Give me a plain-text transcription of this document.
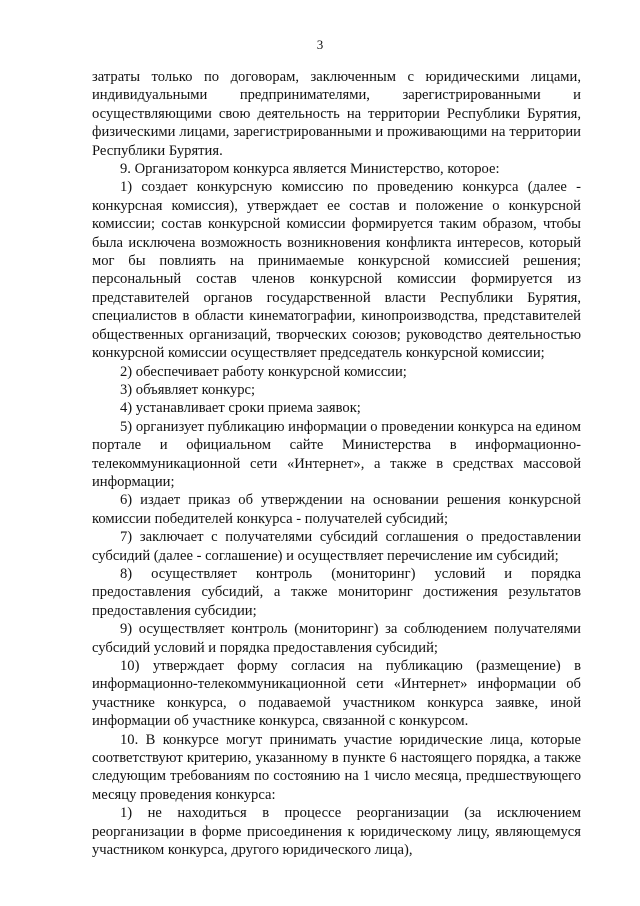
3

затраты только по договорам, заключенным с юридическими лицами, индивидуальными предпринимателями, зарегистрированными и осуществляющими свою деятельность на территории Республики Бурятия, физическими лицами, зарегистрированными и проживающими на территории Республики Бурятия.

9. Организатором конкурса является Министерство, которое:

1) создает конкурсную комиссию по проведению конкурса (далее - конкурсная комиссия), утверждает ее состав и положение о конкурсной комиссии; состав конкурсной комиссии формируется таким образом, чтобы была исключена возможность возникновения конфликта интересов, который мог бы повлиять на принимаемые конкурсной комиссией решения; персональный состав членов конкурсной комиссии формируется из представителей органов государственной власти Республики Бурятия, специалистов в области кинематографии, кинопроизводства, представителей общественных организаций, творческих союзов; руководство деятельностью конкурсной комиссии осуществляет председатель конкурсной комиссии;

2) обеспечивает работу конкурсной комиссии;

3) объявляет конкурс;

4) устанавливает сроки приема заявок;

5) организует публикацию информации о проведении конкурса на едином портале и официальном сайте Министерства в информационно-телекоммуникационной сети «Интернет», а также в средствах массовой информации;

6) издает приказ об утверждении на основании решения конкурсной комиссии победителей конкурса - получателей субсидий;

7) заключает с получателями субсидий соглашения о предоставлении субсидий (далее - соглашение) и осуществляет перечисление им субсидий;

8) осуществляет контроль (мониторинг) условий и порядка предоставления субсидий, а также мониторинг достижения результатов предоставления субсидии;

9) осуществляет контроль (мониторинг) за соблюдением получателями субсидий условий и порядка предоставления субсидий;

10) утверждает форму согласия на публикацию (размещение) в информационно-телекоммуникационной сети «Интернет» информации об участнике конкурса, о подаваемой участником конкурса заявке, иной информации об участнике конкурса, связанной с конкурсом.

10. В конкурсе могут принимать участие юридические лица, которые соответствуют критерию, указанному в пункте 6 настоящего порядка, а также следующим требованиям по состоянию на 1 число месяца, предшествующего месяцу проведения конкурса:

1) не находиться в процессе реорганизации (за исключением реорганизации в форме присоединения к юридическому лицу, являющемуся участником конкурса, другого юридического лица),
